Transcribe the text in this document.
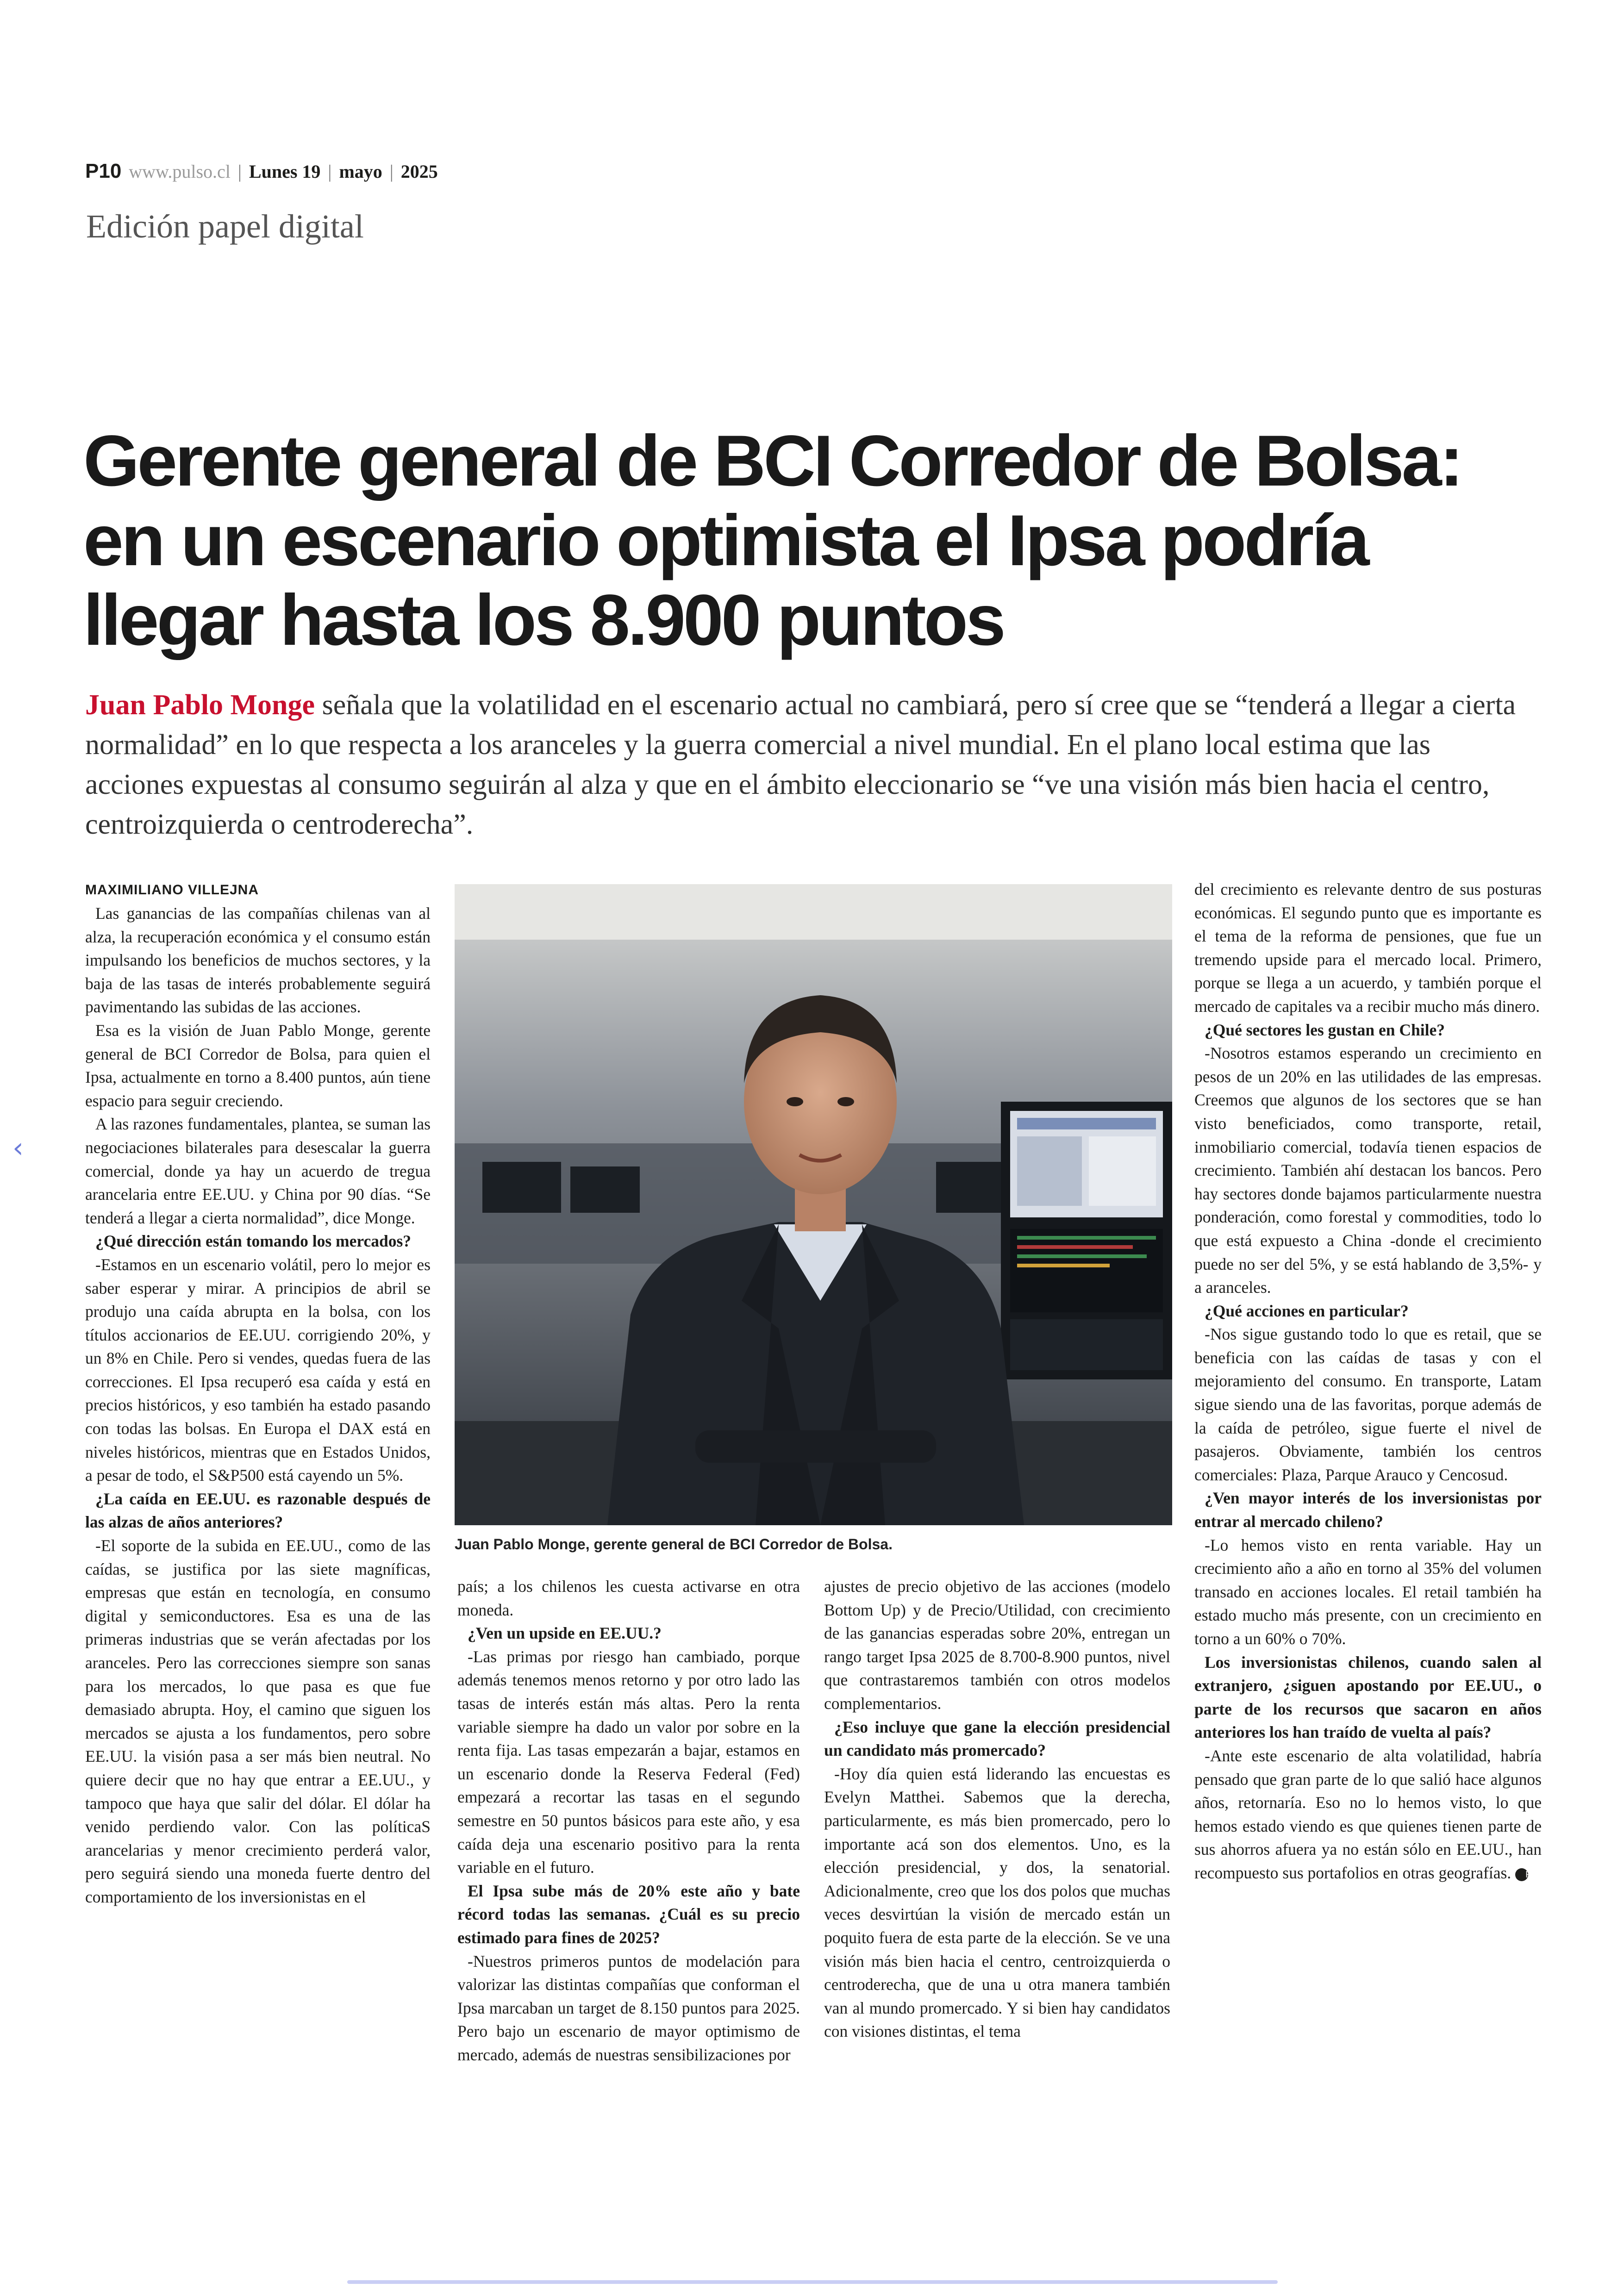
P10 www.pulso.cl | Lunes 19 | mayo | 2025
Edición papel digital
Gerente general de BCI Corredor de Bolsa:
en un escenario optimista el Ipsa podría
llegar hasta los 8.900 puntos

Juan Pablo Monge señala que la volatilidad en el escenario actual no cambiará, pero sí cree que se “tenderá a llegar a cierta normalidad” en lo que respecta a los aranceles y la guerra comercial a nivel mundial. En el plano local estima que las acciones expuestas al consumo seguirán al alza y que en el ámbito eleccionario se “ve una visión más bien hacia el centro, centroizquierda o centroderecha”.

MAXIMILIANO VILLEJNA

Las ganancias de las compañías chilenas van al alza, la recuperación económica y el consumo están impulsando los beneficios de muchos sectores, y la baja de las tasas de interés probablemente seguirá pavimentando las subidas de las acciones.

Esa es la visión de Juan Pablo Monge, gerente general de BCI Corredor de Bolsa, para quien el Ipsa, actualmente en torno a 8.400 puntos, aún tiene espacio para seguir creciendo.

A las razones fundamentales, plantea, se suman las negociaciones bilaterales para desescalar la guerra comercial, donde ya hay un acuerdo de tregua arancelaria entre EE.UU. y China por 90 días. “Se tenderá a llegar a cierta normalidad”, dice Monge.

¿Qué dirección están tomando los mercados?

-Estamos en un escenario volátil, pero lo mejor es saber esperar y mirar. A principios de abril se produjo una caída abrupta en la bolsa, con los títulos accionarios de EE.UU. corrigiendo 20%, y un 8% en Chile. Pero si vendes, quedas fuera de las correcciones. El Ipsa recuperó esa caída y está en precios históricos, y eso también ha estado pasando con todas las bolsas. En Europa el DAX está en niveles históricos, mientras que en Estados Unidos, a pesar de todo, el S&P500 está cayendo un 5%.

¿La caída en EE.UU. es razonable después de las alzas de años anteriores?

-El soporte de la subida en EE.UU., como de las caídas, se justifica por las siete magníficas, empresas que están en tecnología, en consumo digital y semiconductores. Esa es una de las primeras industrias que se verán afectadas por los aranceles. Pero las correcciones siempre son sanas para los mercados, lo que pasa es que fue demasiado abrupta. Hoy, el camino que siguen los mercados se ajusta a los fundamentos, pero sobre EE.UU. la visión pasa a ser más bien neutral. No quiere decir que no hay que entrar a EE.UU., y tampoco que haya que salir del dólar. El dólar ha venido perdiendo valor. Con las políticaS arancelarias y menor crecimiento perderá valor, pero seguirá siendo una moneda fuerte dentro del comportamiento de los inversionistas en el

país; a los chilenos les cuesta activarse en otra moneda.

¿Ven un upside en EE.UU.?

-Las primas por riesgo han cambiado, porque además tenemos menos retorno y por otro lado las tasas de interés están más altas. Pero la renta variable siempre ha dado un valor por sobre en la renta fija. Las tasas empezarán a bajar, estamos en un escenario donde la Reserva Federal (Fed) empezará a recortar las tasas en el segundo semestre en 50 puntos básicos para este año, y esa caída deja una escenario positivo para la renta variable en el futuro.

El Ipsa sube más de 20% este año y bate récord todas las semanas. ¿Cuál es su precio estimado para fines de 2025?

-Nuestros primeros puntos de modelación para valorizar las distintas compañías que conforman el Ipsa marcaban un target de 8.150 puntos para 2025. Pero bajo un escenario de mayor optimismo de mercado, además de nuestras sensibilizaciones por

ajustes de precio objetivo de las acciones (modelo Bottom Up) y de Precio/Utilidad, con crecimiento de las ganancias esperadas sobre 20%, entregan un rango target Ipsa 2025 de 8.700-8.900 puntos, nivel que contrastaremos también con otros modelos complementarios.

¿Eso incluye que gane la elección presidencial un candidato más promercado?

-Hoy día quien está liderando las encuestas es Evelyn Matthei. Sabemos que la derecha, particularmente, es más bien promercado, pero lo importante acá son dos elementos. Uno, es la elección presidencial, y dos, la senatorial. Adicionalmente, creo que los dos polos que muchas veces desvirtúan la visión de mercado están un poquito fuera de esta parte de la elección. Se ve una visión más bien hacia el centro, centroizquierda o centroderecha, que de una u otra manera también van al mundo promercado. Y si bien hay candidatos con visiones distintas, el tema

del crecimiento es relevante dentro de sus posturas económicas. El segundo punto que es importante es el tema de la reforma de pensiones, que fue un tremendo upside para el mercado local. Primero, porque se llega a un acuerdo, y también porque el mercado de capitales va a recibir mucho más dinero.

¿Qué sectores les gustan en Chile?

-Nosotros estamos esperando un crecimiento en pesos de un 20% en las utilidades de las empresas. Creemos que algunos de los sectores que se han visto beneficiados, como transporte, retail, inmobiliario comercial, todavía tienen espacios de crecimiento. También ahí destacan los bancos. Pero hay sectores donde bajamos particularmente nuestra ponderación, como forestal y commodities, todo lo que está expuesto a China -donde el crecimiento puede no ser del 5%, y se está hablando de 3,5%- y a aranceles.

¿Qué acciones en particular?

-Nos sigue gustando todo lo que es retail, que se beneficia con las caídas de tasas y con el mejoramiento del consumo. En transporte, Latam sigue siendo una de las favoritas, porque además de la caída de petróleo, sigue fuerte el nivel de pasajeros. Obviamente, también los centros comerciales: Plaza, Parque Arauco y Cencosud.

¿Ven mayor interés de los inversionistas por entrar al mercado chileno?

-Lo hemos visto en renta variable. Hay un crecimiento año a año en torno al 35% del volumen transado en acciones locales. El retail también ha estado mucho más presente, con un crecimiento en torno a un 60% o 70%.

Los inversionistas chilenos, cuando salen al extranjero, ¿siguen apostando por EE.UU., o parte de los recursos que sacaron en años anteriores los han traído de vuelta al país?

-Ante este escenario de alta volatilidad, habría pensado que gran parte de lo que salió hace algunos años, retornaría. Eso no lo hemos visto, lo que hemos estado viendo es que quienes tienen parte de sus ahorros afuera ya no están sólo en EE.UU., han recompuesto sus portafolios en otras geografías. P

Juan Pablo Monge, gerente general de BCI Corredor de Bolsa.
‹
